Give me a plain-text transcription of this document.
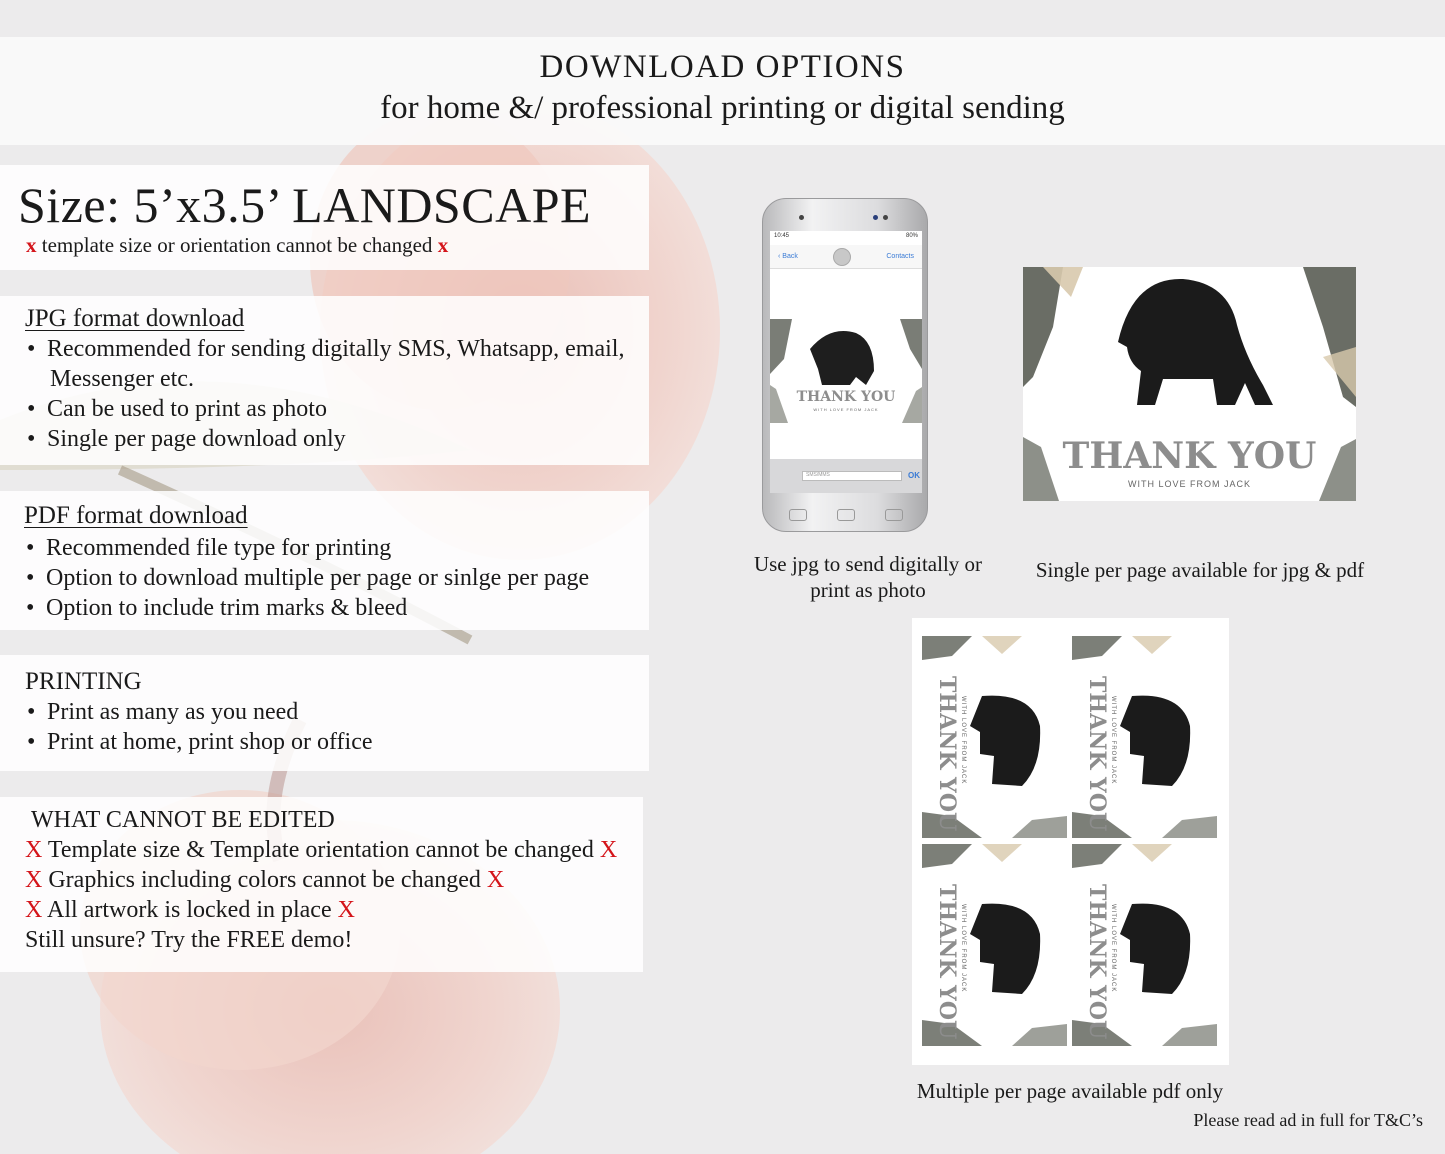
DOWNLOAD OPTIONS
for home &/ professional printing or digital sending
Size: 5’x3.5’ LANDSCAPE
x template size or orientation cannot be changed x
JPG format download
• Recommended for sending digitally SMS, Whatsapp, email,
Messenger etc.
• Can be used to print as photo
• Single per page download only
PDF format download
• Recommended file type for printing
• Option to download multiple per page or sinlge per page
• Option to include trim marks & bleed
PRINTING
• Print as many as you need
• Print at home, print shop or office
WHAT CANNOT BE EDITED
X Template size & Template orientation cannot be changed X
X Graphics including colors cannot be changed X
X All artwork is locked in place X
Still unsure? Try the FREE demo!
10:45	80%
‹ Back	Contacts
THANK YOU
WITH LOVE FROM JACK
SMS/MMS	OK
Use jpg to send digitally or print as photo
THANK YOU
WITH LOVE FROM JACK
Single per page available for jpg & pdf
THANK YOU WITH LOVE FROM JACK	THANK YOU WITH LOVE FROM JACK
THANK YOU WITH LOVE FROM JACK	THANK YOU WITH LOVE FROM JACK
Multiple per page available pdf only
Please read ad in full for T&C’s
